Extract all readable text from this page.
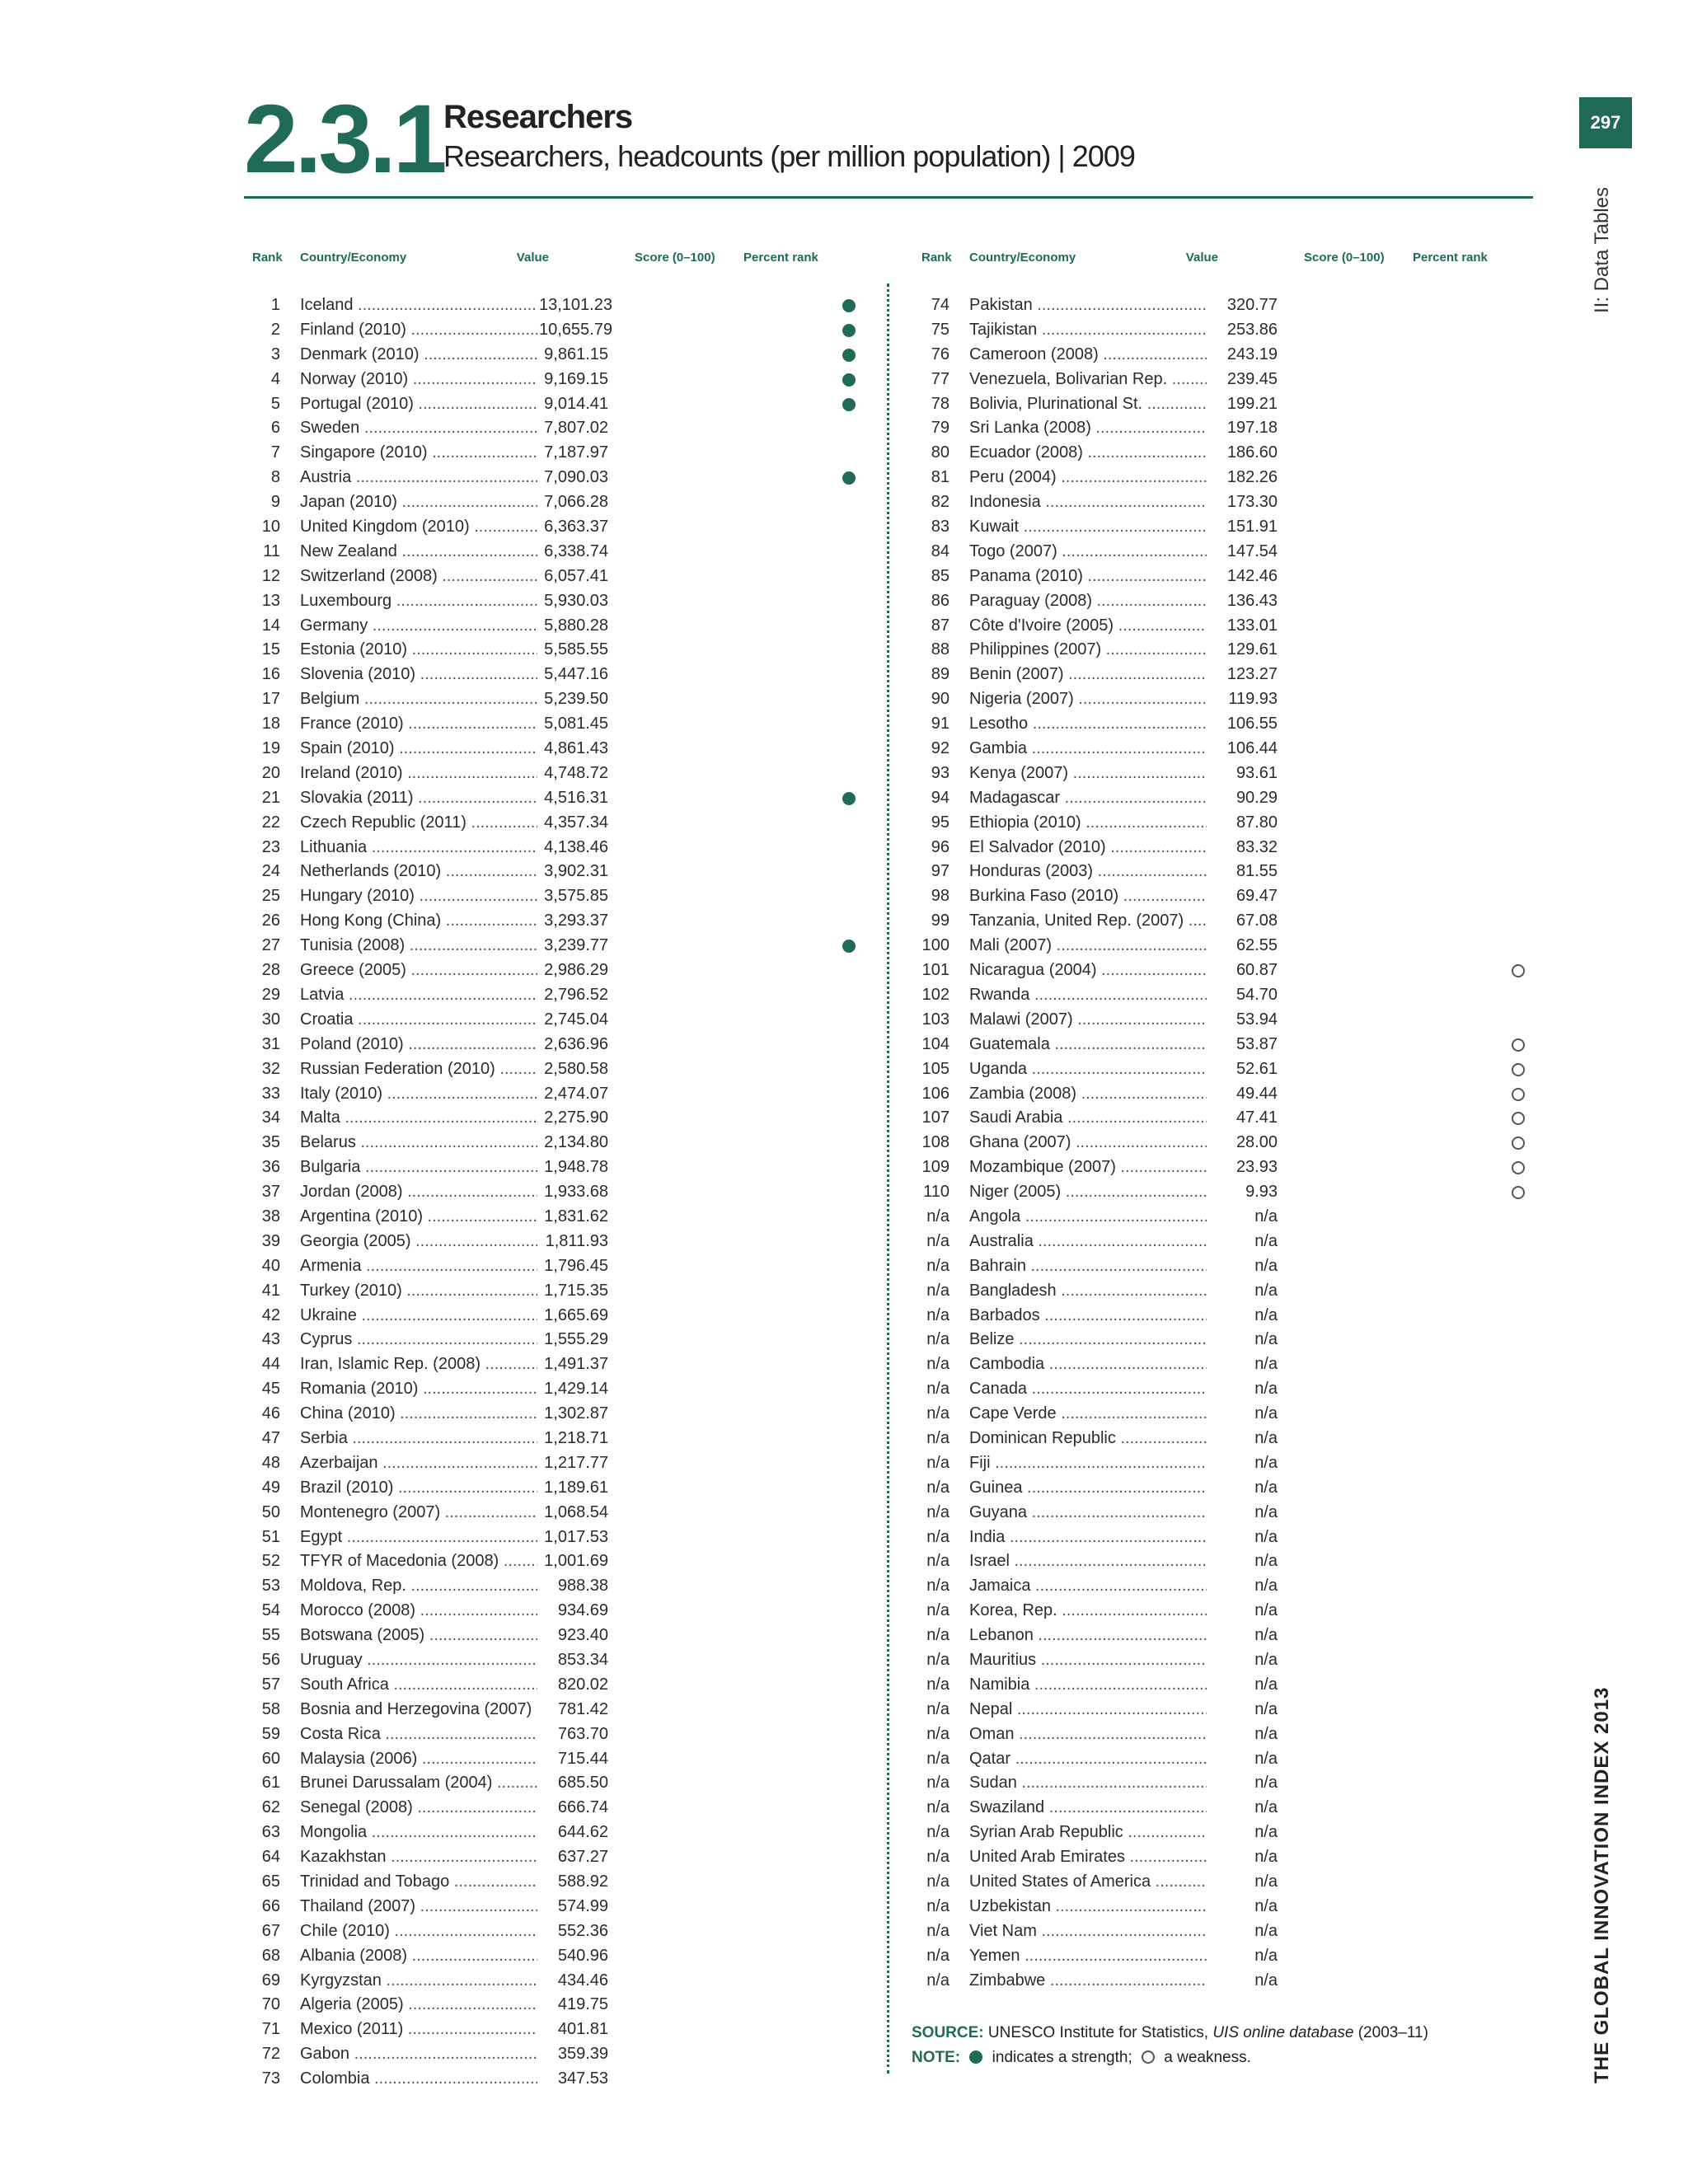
2.3.1 Researchers
Researchers, headcounts (per million population) | 2009
297
II: Data Tables
THE GLOBAL INNOVATION INDEX 2013
Rank Country/Economy	Value	Score (0–100) Percent rank
1 Iceland .....	13,101.23
2 Finland (2010) .....	10,655.79
3 Denmark (2010) .....	9,861.15
4 Norway (2010) .....	9,169.15
5 Portugal (2010) .....	9,014.41
6 Sweden .....	7,807.02
7 Singapore (2010) .....	7,187.97
8 Austria .....	7,090.03
9 Japan (2010) .....	7,066.28
10 United Kingdom (2010) .....	6,363.37
11 New Zealand .....	6,338.74
12 Switzerland (2008) .....	6,057.41
13 Luxembourg .....	5,930.03
14 Germany .....	5,880.28
15 Estonia (2010) .....	5,585.55
16 Slovenia (2010) .....	5,447.16
17 Belgium .....	5,239.50
18 France (2010) .....	5,081.45
19 Spain (2010) .....	4,861.43
20 Ireland (2010) .....	4,748.72
21 Slovakia (2011) .....	4,516.31
22 Czech Republic (2011) .....	4,357.34
23 Lithuania .....	4,138.46
24 Netherlands (2010) .....	3,902.31
25 Hungary (2010) .....	3,575.85
26 Hong Kong (China) .....	3,293.37
27 Tunisia (2008) .....	3,239.77
28 Greece (2005) .....	2,986.29
29 Latvia .....	2,796.52
30 Croatia .....	2,745.04
31 Poland (2010) .....	2,636.96
32 Russian Federation (2010) .....	2,580.58
33 Italy (2010) .....	2,474.07
34 Malta .....	2,275.90
35 Belarus .....	2,134.80
36 Bulgaria .....	1,948.78
37 Jordan (2008) .....	1,933.68
38 Argentina (2010) .....	1,831.62
39 Georgia (2005) .....	1,811.93
40 Armenia .....	1,796.45
41 Turkey (2010) .....	1,715.35
42 Ukraine .....	1,665.69
43 Cyprus .....	1,555.29
44 Iran, Islamic Rep. (2008) .....	1,491.37
45 Romania (2010) .....	1,429.14
46 China (2010) .....	1,302.87
47 Serbia .....	1,218.71
48 Azerbaijan .....	1,217.77
49 Brazil (2010) .....	1,189.61
50 Montenegro (2007) .....	1,068.54
51 Egypt .....	1,017.53
52 TFYR of Macedonia (2008) .....	1,001.69
53 Moldova, Rep. .....	988.38
54 Morocco (2008) .....	934.69
55 Botswana (2005) .....	923.40
56 Uruguay .....	853.34
57 South Africa .....	820.02
58 Bosnia and Herzegovina (2007) .....	781.42
59 Costa Rica .....	763.70
60 Malaysia (2006) .....	715.44
61 Brunei Darussalam (2004) .....	685.50
62 Senegal (2008) .....	666.74
63 Mongolia .....	644.62
64 Kazakhstan .....	637.27
65 Trinidad and Tobago .....	588.92
66 Thailand (2007) .....	574.99
67 Chile (2010) .....	552.36
68 Albania (2008) .....	540.96
69 Kyrgyzstan .....	434.46
70 Algeria (2005) .....	419.75
71 Mexico (2011) .....	401.81
72 Gabon .....	359.39
73 Colombia .....	347.53
Rank Country/Economy	Value	Score (0–100) Percent rank
74 Pakistan .....	320.77
75 Tajikistan .....	253.86
76 Cameroon (2008) .....	243.19
77 Venezuela, Bolivarian Rep. .....	239.45
78 Bolivia, Plurinational St. .....	199.21
79 Sri Lanka (2008) .....	197.18
80 Ecuador (2008) .....	186.60
81 Peru (2004) .....	182.26
82 Indonesia .....	173.30
83 Kuwait .....	151.91
84 Togo (2007) .....	147.54
85 Panama (2010) .....	142.46
86 Paraguay (2008) .....	136.43
87 Côte d'Ivoire (2005) .....	133.01
88 Philippines (2007) .....	129.61
89 Benin (2007) .....	123.27
90 Nigeria (2007) .....	119.93
91 Lesotho .....	106.55
92 Gambia .....	106.44
93 Kenya (2007) .....	93.61
94 Madagascar .....	90.29
95 Ethiopia (2010) .....	87.80
96 El Salvador (2010) .....	83.32
97 Honduras (2003) .....	81.55
98 Burkina Faso (2010) .....	69.47
99 Tanzania, United Rep. (2007) .....	67.08
100 Mali (2007) .....	62.55
101 Nicaragua (2004) .....	60.87
102 Rwanda .....	54.70
103 Malawi (2007) .....	53.94
104 Guatemala .....	53.87
105 Uganda .....	52.61
106 Zambia (2008) .....	49.44
107 Saudi Arabia .....	47.41
108 Ghana (2007) .....	28.00
109 Mozambique (2007) .....	23.93
110 Niger (2005) .....	9.93
n/a Angola .....	n/a
n/a Australia .....	n/a
n/a Bahrain .....	n/a
n/a Bangladesh .....	n/a
n/a Barbados .....	n/a
n/a Belize .....	n/a
n/a Cambodia .....	n/a
n/a Canada .....	n/a
n/a Cape Verde .....	n/a
n/a Dominican Republic .....	n/a
n/a Fiji .....	n/a
n/a Guinea .....	n/a
n/a Guyana .....	n/a
n/a India .....	n/a
n/a Israel .....	n/a
n/a Jamaica .....	n/a
n/a Korea, Rep. .....	n/a
n/a Lebanon .....	n/a
n/a Mauritius .....	n/a
n/a Namibia .....	n/a
n/a Nepal .....	n/a
n/a Oman .....	n/a
n/a Qatar .....	n/a
n/a Sudan .....	n/a
n/a Swaziland .....	n/a
n/a Syrian Arab Republic .....	n/a
n/a United Arab Emirates .....	n/a
n/a United States of America .....	n/a
n/a Uzbekistan .....	n/a
n/a Viet Nam .....	n/a
n/a Yemen .....	n/a
n/a Zimbabwe .....	n/a
SOURCE: UNESCO Institute for Statistics, UIS online database (2003–11)
NOTE: indicates a strength; a weakness.
